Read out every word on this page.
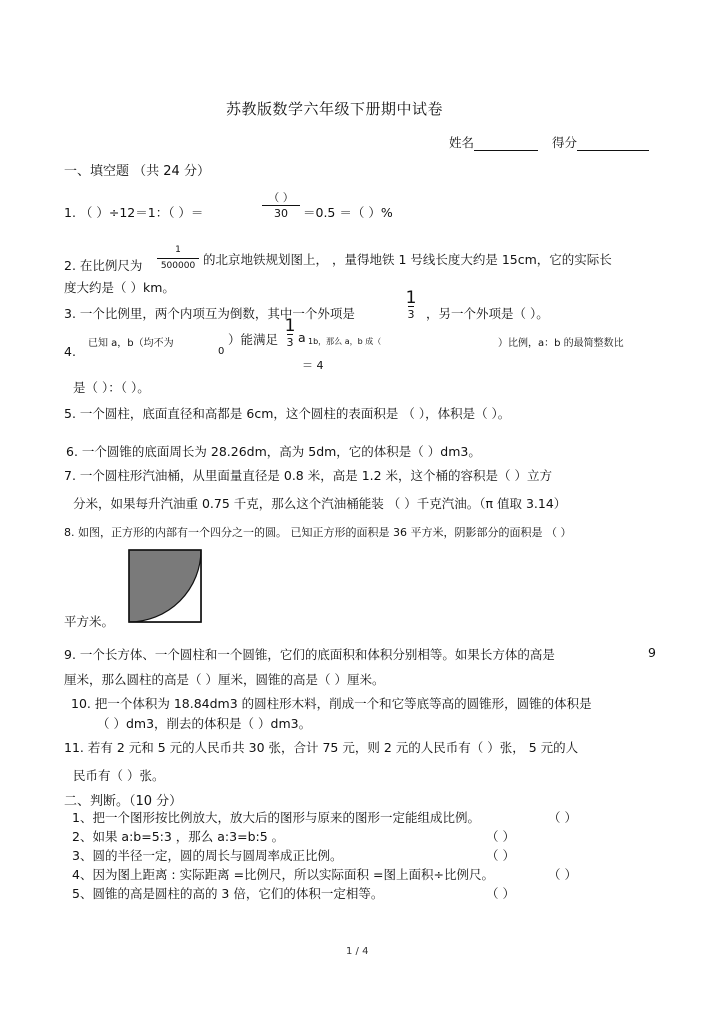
苏教版数学六年级下册期中试卷
姓名	得分
一、填空题 （共 24 分）
1. （ ）÷12＝1：（ ）＝
（ ）
30	＝0.5 ＝（ ）%
2. 在比例尺为
1
500000 的北京地铁规划图上， ，量得地铁 1 号线长度大约是 15cm，它的实际长
度大约是（ ）km。
3. 一个比例里，两个内项互为倒数，其中一个外项是
1
3 ，另一个外项是（ ）。
4.
已知 a，b（均不为
0
）能满足
1
3 a 1b，那么 a，b 成（
＝ 4
）比例，a：b 的最简整数比
是（ ）：（ ）。
5. 一个圆柱，底面直径和高都是 6cm，这个圆柱的表面积是 （ ），体积是（ ）。
6. 一个圆锥的底面周长为 28.26dm，高为 5dm，它的体积是（ ）dm3。
7. 一个圆柱形汽油桶，从里面量直径是 0.8 米，高是 1.2 米，这个桶的容积是（ ）立方
分米，如果每升汽油重 0.75 千克，那么这个汽油桶能装 （ ）千克汽油。（π 值取 3.14）
8. 如图，正方形的内部有一个四分之一的圆。 已知正方形的面积是 36 平方米，阴影部分的面积是 （ ）
平方米。
9. 一个长方体、一个圆柱和一个圆锥，它们的底面积和体积分别相等。如果长方体的高是	9
厘米，那么圆柱的高是（ ）厘米，圆锥的高是（ ）厘米。
10. 把一个体积为 18.84dm3 的圆柱形木料，削成一个和它等底等高的圆锥形，圆锥的体积是
（ ）dm3，削去的体积是（ ）dm3。
11. 若有 2 元和 5 元的人民币共 30 张，合计 75 元，则 2 元的人民币有（ ）张， 5 元的人
民币有（ ）张。
二、判断。（10 分）
1、把一个图形按比例放大，放大后的图形与原来的图形一定能组成比例。	（ ）
2、如果 a:b=5:3 ，那么 a:3=b:5 。	（ ）
3、圆的半径一定，圆的周长与圆周率成正比例。	（ ）
4、因为图上距离 : 实际距离 =比例尺，所以实际面积 =图上面积÷比例尺。	（ ）
5、圆锥的高是圆柱的高的 3 倍，它们的体积一定相等。	（ ）
1 / 4
